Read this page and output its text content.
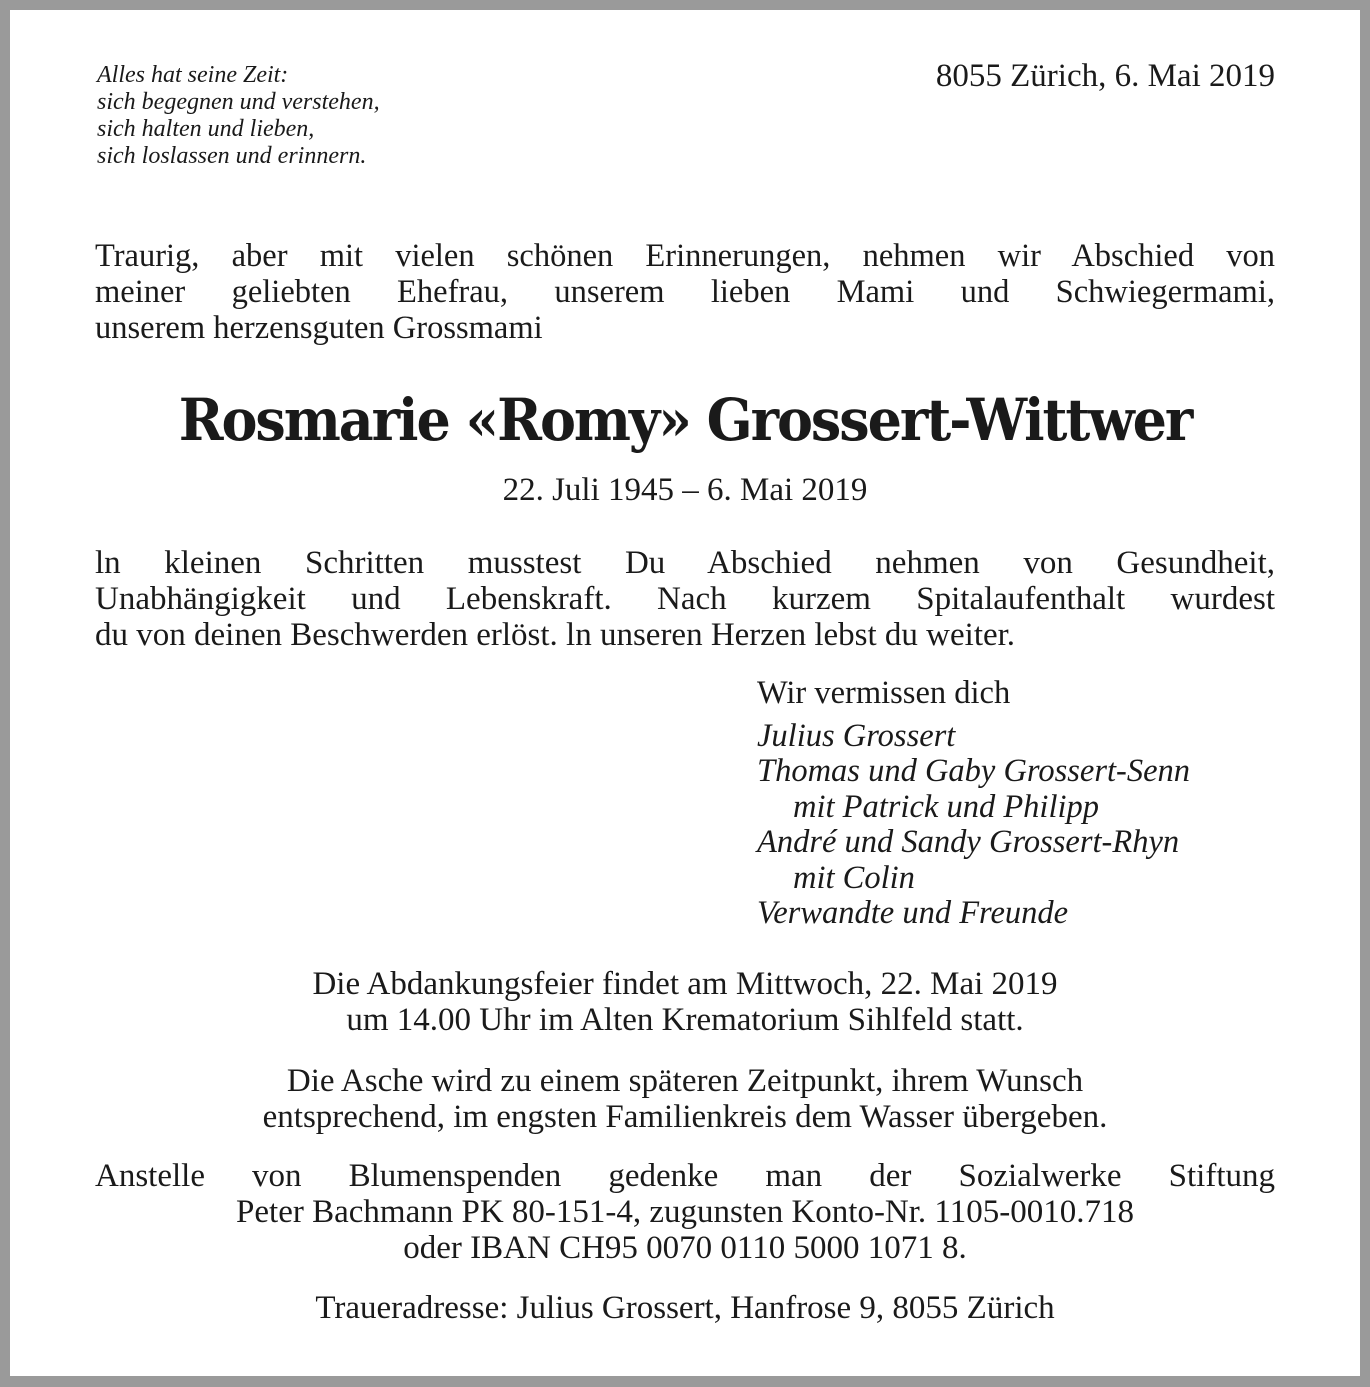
Alles hat seine Zeit:
sich begegnen und verstehen,
sich halten und lieben,
sich loslassen und erinnern.
8055 Zürich, 6. Mai 2019
Traurig, aber mit vielen schönen Erinnerungen, nehmen wir Abschied von
meiner geliebten Ehefrau, unserem lieben Mami und Schwiegermami,
unserem herzensguten Grossmami
Rosmarie «Romy» Grossert-Wittwer
22. Juli 1945 – 6. Mai 2019
ln kleinen Schritten musstest Du Abschied nehmen von Gesundheit,
Unabhängigkeit und Lebenskraft. Nach kurzem Spitalaufenthalt wurdest
du von deinen Beschwerden erlöst. ln unseren Herzen lebst du weiter.
Wir vermissen dich
Julius Grossert
Thomas und Gaby Grossert-Senn
mit Patrick und Philipp
André und Sandy Grossert-Rhyn
mit Colin
Verwandte und Freunde
Die Abdankungsfeier findet am Mittwoch, 22. Mai 2019
um 14.00 Uhr im Alten Krematorium Sihlfeld statt.
Die Asche wird zu einem späteren Zeitpunkt, ihrem Wunsch
entsprechend, im engsten Familienkreis dem Wasser übergeben.
Anstelle von Blumenspenden gedenke man der Sozialwerke Stiftung
Peter Bachmann PK 80-151-4, zugunsten Konto-Nr. 1105-0010.718
oder IBAN CH95 0070 0110 5000 1071 8.
Traueradresse: Julius Grossert, Hanfrose 9, 8055 Zürich
